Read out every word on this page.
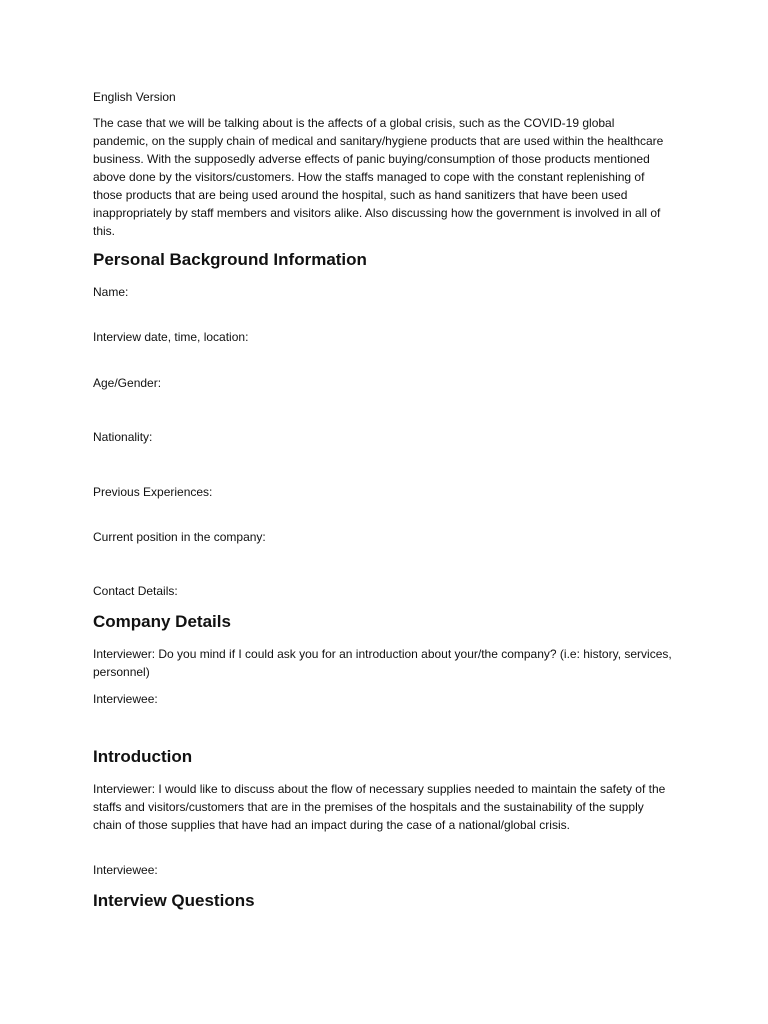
English Version

The case that we will be talking about is the affects of a global crisis, such as the COVID-19 global pandemic, on the supply chain of medical and sanitary/hygiene products that are used within the healthcare business. With the supposedly adverse effects of panic buying/consumption of those products mentioned above done by the visitors/customers. How the staffs managed to cope with the constant replenishing of those products that are being used around the hospital, such as hand sanitizers that have been used inappropriately by staff members and visitors alike. Also discussing how the government is involved in all of this.

Personal Background Information

Name:

Interview date, time, location:

Age/Gender:

Nationality:

Previous Experiences:

Current position in the company:

Contact Details:

Company Details

Interviewer: Do you mind if I could ask you for an introduction about your/the company? (i.e: history, services, personnel)

Interviewee:

Introduction

Interviewer: I would like to discuss about the flow of necessary supplies needed to maintain the safety of the staffs and visitors/customers that are in the premises of the hospitals and the sustainability of the supply chain of those supplies that have had an impact during the case of a national/global crisis.

Interviewee:

Interview Questions
